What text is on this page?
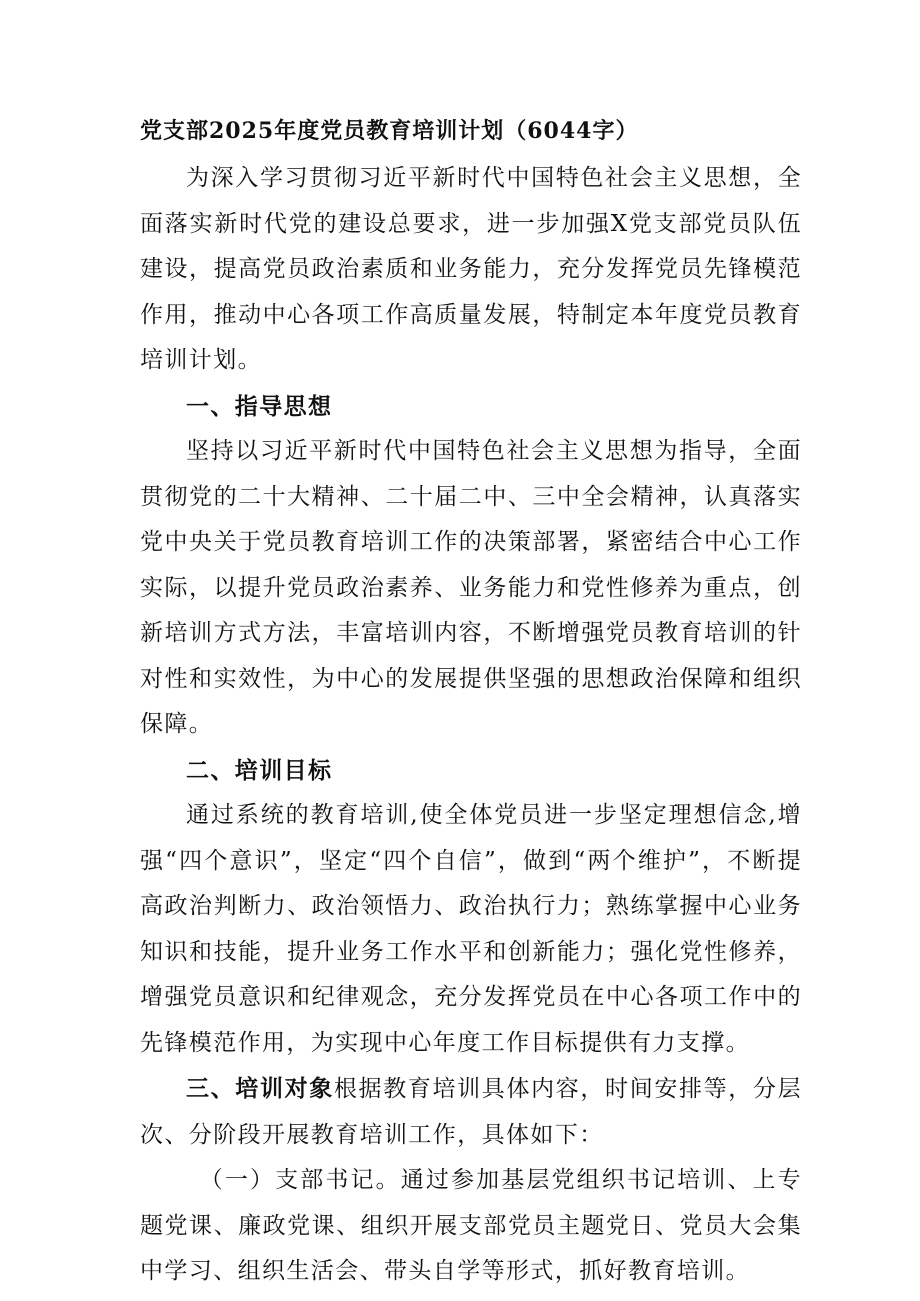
党支部2025年度党员教育培训计划（6044字）

为深入学习贯彻习近平新时代中国特色社会主义思想，全面落实新时代党的建设总要求，进一步加强X党支部党员队伍建设，提高党员政治素质和业务能力，充分发挥党员先锋模范作用，推动中心各项工作高质量发展，特制定本年度党员教育培训计划。

一、指导思想

坚持以习近平新时代中国特色社会主义思想为指导，全面贯彻党的二十大精神、二十届二中、三中全会精神，认真落实党中央关于党员教育培训工作的决策部署，紧密结合中心工作实际，以提升党员政治素养、业务能力和党性修养为重点，创新培训方式方法，丰富培训内容，不断增强党员教育培训的针对性和实效性，为中心的发展提供坚强的思想政治保障和组织保障。

二、培训目标

通过系统的教育培训,使全体党员进一步坚定理想信念,增强“四个意识”，坚定“四个自信”，做到“两个维护”，不断提高政治判断力、政治领悟力、政治执行力；熟练掌握中心业务知识和技能，提升业务工作水平和创新能力；强化党性修养，增强党员意识和纪律观念，充分发挥党员在中心各项工作中的先锋模范作用，为实现中心年度工作目标提供有力支撑。

三、培训对象根据教育培训具体内容，时间安排等，分层次、分阶段开展教育培训工作，具体如下：

（一）支部书记。通过参加基层党组织书记培训、上专题党课、廉政党课、组织开展支部党员主题党日、党员大会集中学习、组织生活会、带头自学等形式，抓好教育培训。
